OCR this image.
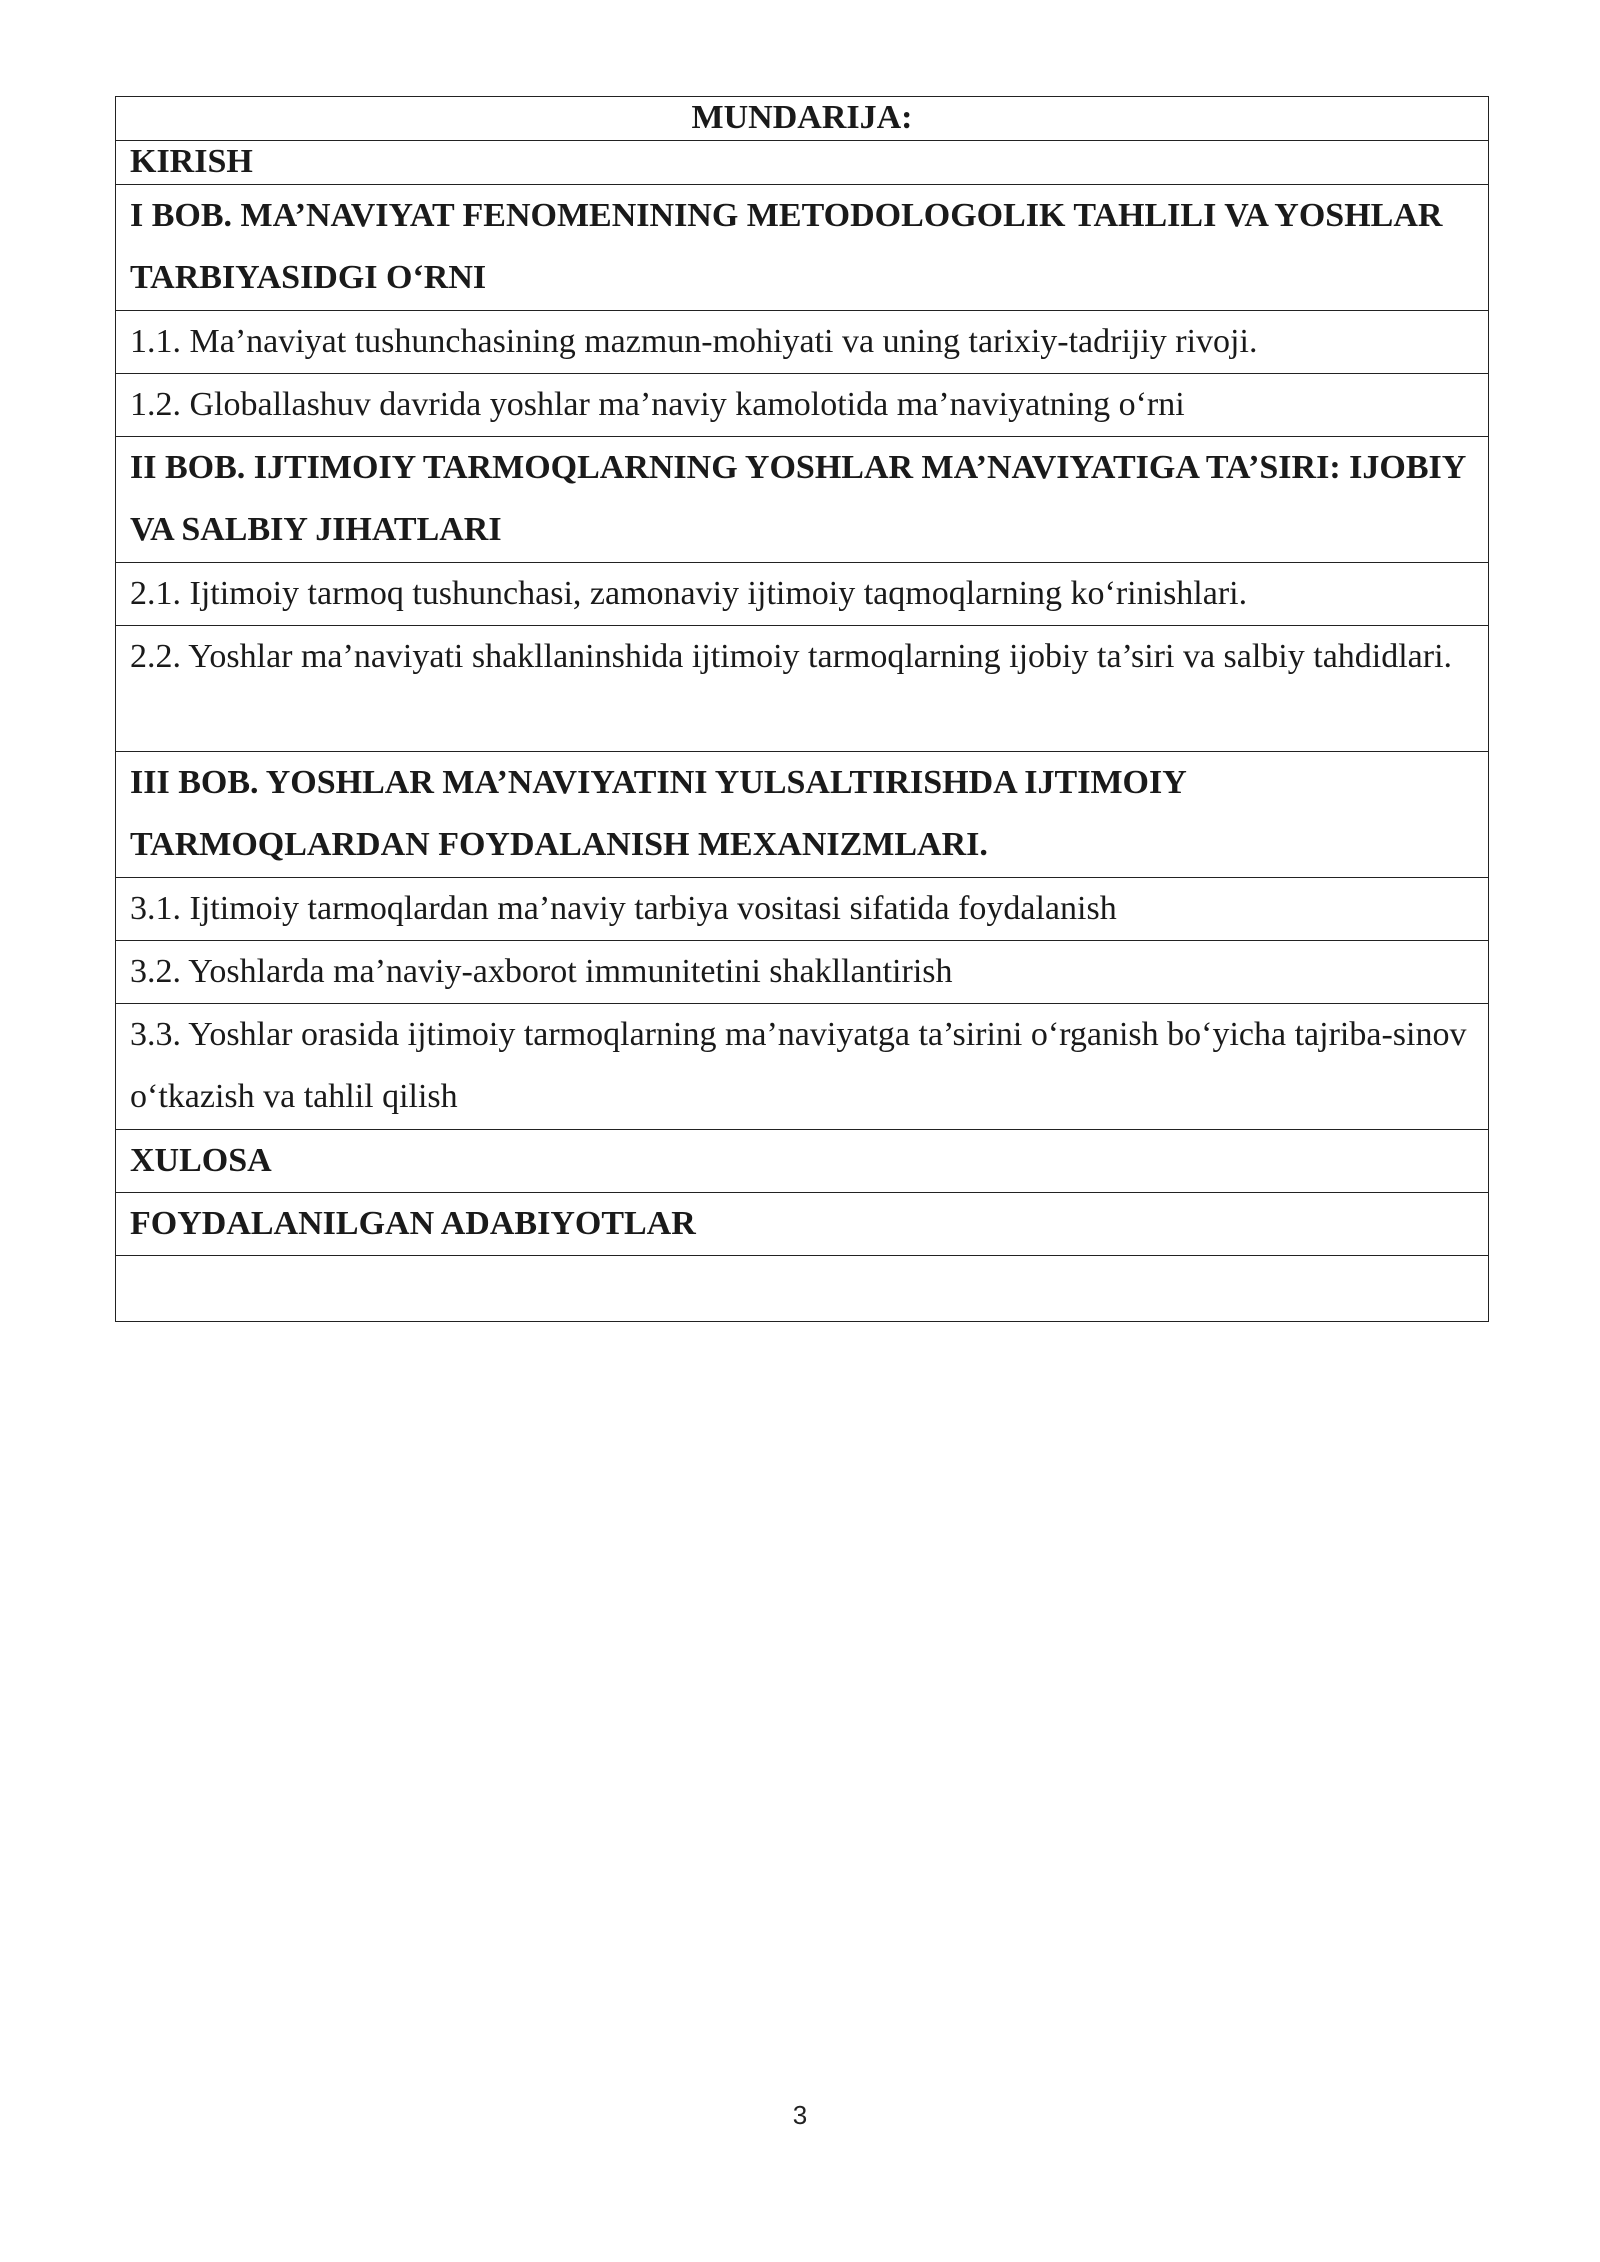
MUNDARIJA:
KIRISH
I BOB. MA’NAVIYAT FENOMENINING METODOLOGOLIK TAHLILI VA YOSHLAR TARBIYASIDGI O‘RNI
1.1. Ma’naviyat tushunchasining mazmun-mohiyati va uning tarixiy-tadrijiy rivoji.
1.2. Globallashuv davrida yoshlar ma’naviy kamolotida ma’naviyatning o‘rni
II BOB. IJTIMOIY TARMOQLARNING YOSHLAR MA’NAVIYATIGA TA’SIRI: IJOBIY VA SALBIY JIHATLARI
2.1. Ijtimoiy tarmoq tushunchasi, zamonaviy ijtimoiy taqmoqlarning ko‘rinishlari.
2.2. Yoshlar ma’naviyati shakllaninshida ijtimoiy tarmoqlarning ijobiy ta’siri va salbiy tahdidlari.
III BOB. YOSHLAR MA’NAVIYATINI YULSALTIRISHDA IJTIMOIY TARMOQLARDAN FOYDALANISH MEXANIZMLARI.
3.1. Ijtimoiy tarmoqlardan ma’naviy tarbiya vositasi sifatida foydalanish
3.2. Yoshlarda ma’naviy-axborot immunitetini shakllantirish
3.3. Yoshlar orasida ijtimoiy tarmoqlarning ma’naviyatga ta’sirini o‘rganish bo‘yicha tajriba-sinov o‘tkazish va tahlil qilish
XULOSA
FOYDALANILGAN ADABIYOTLAR

3
